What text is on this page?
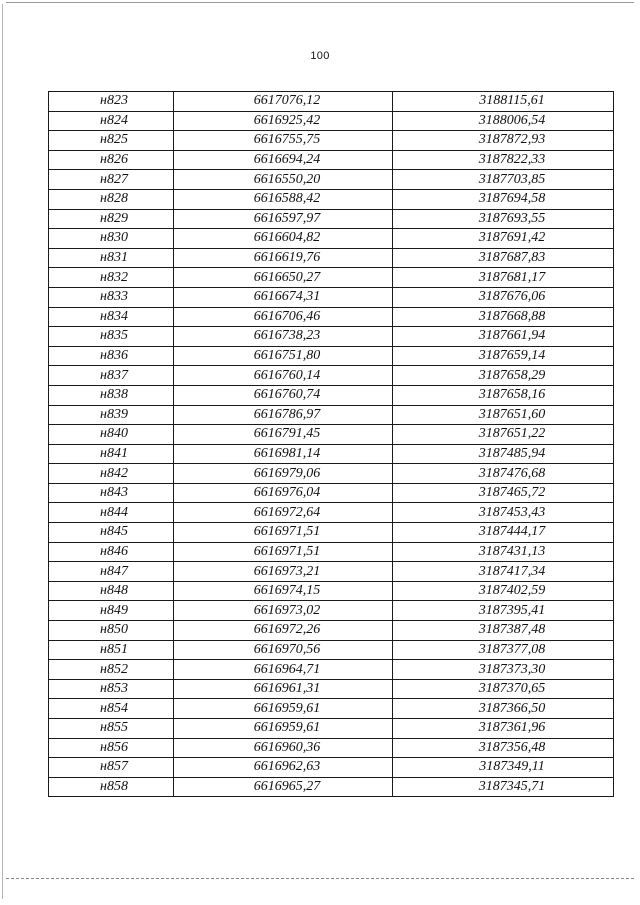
100
н823	6617076,12	3188115,61
н824	6616925,42	3188006,54
н825	6616755,75	3187872,93
н826	6616694,24	3187822,33
н827	6616550,20	3187703,85
н828	6616588,42	3187694,58
н829	6616597,97	3187693,55
н830	6616604,82	3187691,42
н831	6616619,76	3187687,83
н832	6616650,27	3187681,17
н833	6616674,31	3187676,06
н834	6616706,46	3187668,88
н835	6616738,23	3187661,94
н836	6616751,80	3187659,14
н837	6616760,14	3187658,29
н838	6616760,74	3187658,16
н839	6616786,97	3187651,60
н840	6616791,45	3187651,22
н841	6616981,14	3187485,94
н842	6616979,06	3187476,68
н843	6616976,04	3187465,72
н844	6616972,64	3187453,43
н845	6616971,51	3187444,17
н846	6616971,51	3187431,13
н847	6616973,21	3187417,34
н848	6616974,15	3187402,59
н849	6616973,02	3187395,41
н850	6616972,26	3187387,48
н851	6616970,56	3187377,08
н852	6616964,71	3187373,30
н853	6616961,31	3187370,65
н854	6616959,61	3187366,50
н855	6616959,61	3187361,96
н856	6616960,36	3187356,48
н857	6616962,63	3187349,11
н858	6616965,27	3187345,71
